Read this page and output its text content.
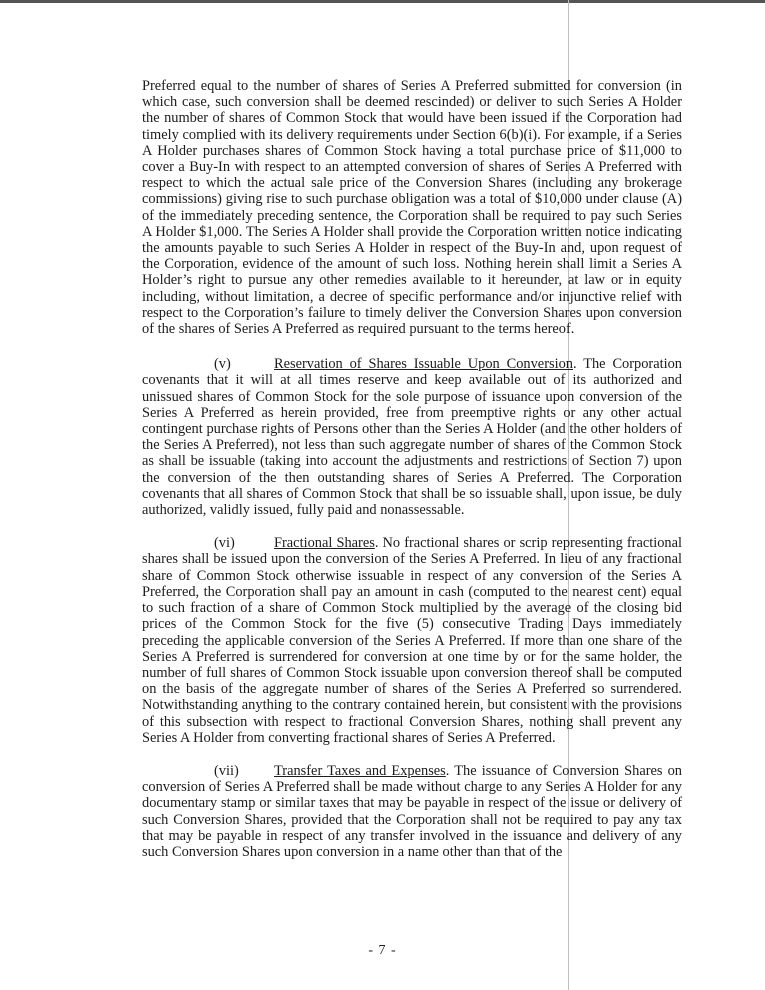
Preferred equal to the number of shares of Series A Preferred submitted for conversion (in which case, such conversion shall be deemed rescinded) or deliver to such Series A Holder the number of shares of Common Stock that would have been issued if the Corporation had timely complied with its delivery requirements under Section 6(b)(i). For example, if a Series A Holder purchases shares of Common Stock having a total purchase price of $11,000 to cover a Buy-In with respect to an attempted conversion of shares of Series A Preferred with respect to which the actual sale price of the Conversion Shares (including any brokerage commissions) giving rise to such purchase obligation was a total of $10,000 under clause (A) of the immediately preceding sentence, the Corporation shall be required to pay such Series A Holder $1,000. The Series A Holder shall provide the Corporation written notice indicating the amounts payable to such Series A Holder in respect of the Buy-In and, upon request of the Corporation, evidence of the amount of such loss. Nothing herein shall limit a Series A Holder’s right to pursue any other remedies available to it hereunder, at law or in equity including, without limitation, a decree of specific performance and/or injunctive relief with respect to the Corporation’s failure to timely deliver the Conversion Shares upon conversion of the shares of Series A Preferred as required pursuant to the terms hereof.

(v)	Reservation of Shares Issuable Upon Conversion. The Corporation covenants that it will at all times reserve and keep available out of its authorized and unissued shares of Common Stock for the sole purpose of issuance upon conversion of the Series A Preferred as herein provided, free from preemptive rights or any other actual contingent purchase rights of Persons other than the Series A Holder (and the other holders of the Series A Preferred), not less than such aggregate number of shares of the Common Stock as shall be issuable (taking into account the adjustments and restrictions of Section 7) upon the conversion of the then outstanding shares of Series A Preferred. The Corporation covenants that all shares of Common Stock that shall be so issuable shall, upon issue, be duly authorized, validly issued, fully paid and nonassessable.

(vi)	Fractional Shares. No fractional shares or scrip representing fractional shares shall be issued upon the conversion of the Series A Preferred. In lieu of any fractional share of Common Stock otherwise issuable in respect of any conversion of the Series A Preferred, the Corporation shall pay an amount in cash (computed to the nearest cent) equal to such fraction of a share of Common Stock multiplied by the average of the closing bid prices of the Common Stock for the five (5) consecutive Trading Days immediately preceding the applicable conversion of the Series A Preferred. If more than one share of the Series A Preferred is surrendered for conversion at one time by or for the same holder, the number of full shares of Common Stock issuable upon conversion thereof shall be computed on the basis of the aggregate number of shares of the Series A Preferred so surrendered. Notwithstanding anything to the contrary contained herein, but consistent with the provisions of this subsection with respect to fractional Conversion Shares, nothing shall prevent any Series A Holder from converting fractional shares of Series A Preferred.

(vii) Transfer Taxes and Expenses. The issuance of Conversion Shares on conversion of Series A Preferred shall be made without charge to any Series A Holder for any documentary stamp or similar taxes that may be payable in respect of the issue or delivery of such Conversion Shares, provided that the Corporation shall not be required to pay any tax that may be payable in respect of any transfer involved in the issuance and delivery of any such Conversion Shares upon conversion in a name other than that of the

- 7 -
